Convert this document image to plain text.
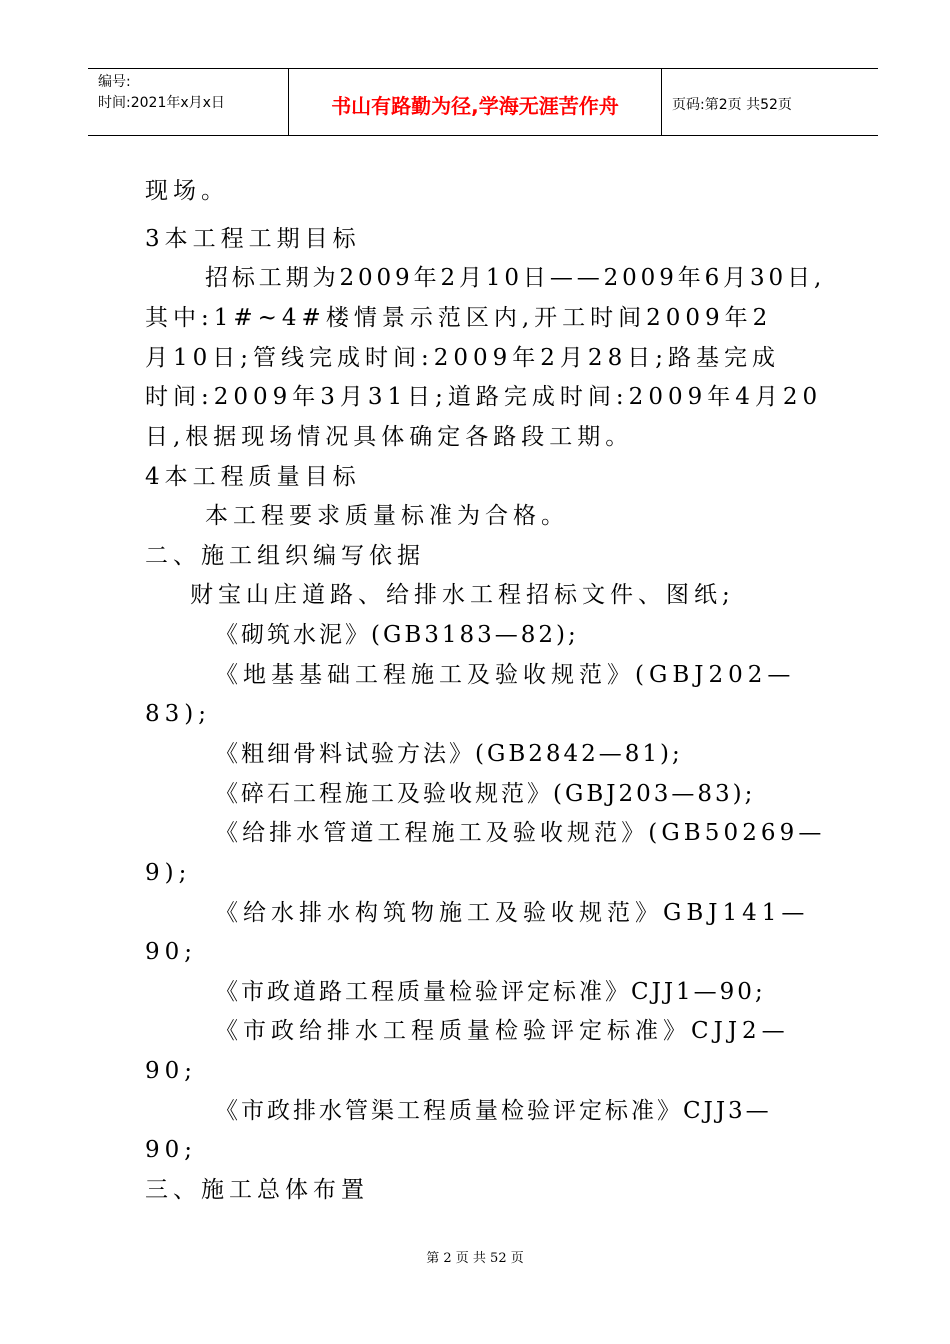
编号:
时间:2021年x月x日	书山有路勤为径,学海无涯苦作舟	页码:第2页 共52页
现场。
3本工程工期目标
招标工期为2009年2月10日——2009年6月30日,
其中:1#~4#楼情景示范区内,开工时间2009年2
月10日;管线完成时间:2009年2月28日;路基完成
时间:2009年3月31日;道路完成时间:2009年4月20
日,根据现场情况具体确定各路段工期。
4本工程质量目标
本工程要求质量标准为合格。
二、施工组织编写依据
财宝山庄道路、给排水工程招标文件、图纸;
《砌筑水泥》(GB3183—82);
《地基基础工程施工及验收规范》(GBJ202—
83);
《粗细骨料试验方法》(GB2842—81);
《碎石工程施工及验收规范》(GBJ203—83);
《给排水管道工程施工及验收规范》(GB50269—
9);
《给水排水构筑物施工及验收规范》GBJ141—
90;
《市政道路工程质量检验评定标准》CJJ1—90;
《市政给排水工程质量检验评定标准》CJJ2—
90;
《市政排水管渠工程质量检验评定标准》CJJ3—
90;
三、施工总体布置
第 2 页 共 52 页
